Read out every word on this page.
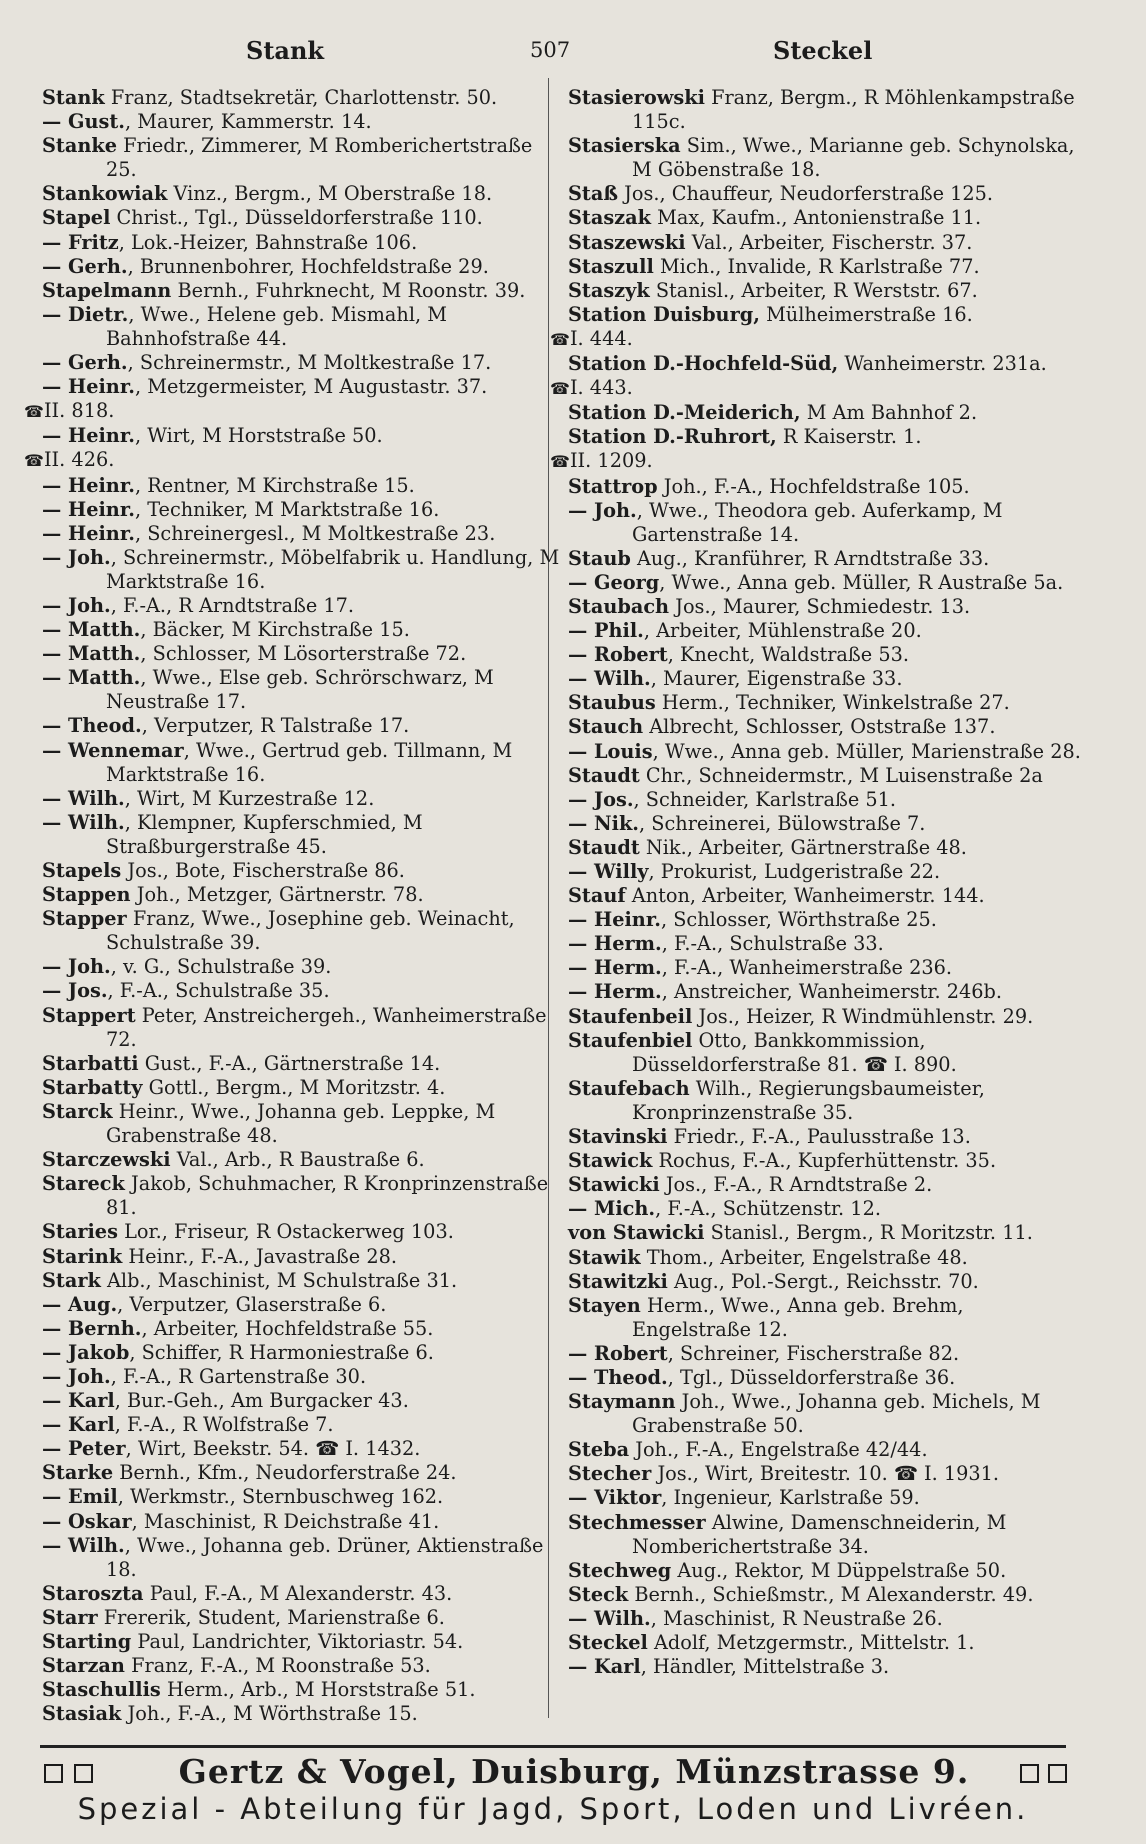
Stank	507	Steckel
Stank Franz, Stadtsekretär, Charlottenstr. 50.
— Gust., Maurer, Kammerstr. 14.
Stanke Friedr., Zimmerer, M Romberichertstraße 25.
Stankowiak Vinz., Bergm., M Oberstraße 18.
Stapel Christ., Tgl., Düsseldorferstraße 110.
— Fritz, Lok.-Heizer, Bahnstraße 106.
— Gerh., Brunnenbohrer, Hochfeldstraße 29.
Stapelmann Bernh., Fuhrknecht, M Roonstr. 39.
— Dietr., Wwe., Helene geb. Mismahl, M Bahnhofstraße 44.
— Gerh., Schreinermstr., M Moltkestraße 17.
— Heinr., Metzgermeister, M Augustastr. 37.
☎ II. 818.
— Heinr., Wirt, M Horststraße 50.
☎ II. 426.
— Heinr., Rentner, M Kirchstraße 15.
— Heinr., Techniker, M Marktstraße 16.
— Heinr., Schreinergesl., M Moltkestraße 23.
— Joh., Schreinermstr., Möbelfabrik u. Handlung, M Marktstraße 16.
— Joh., F.-A., R Arndtstraße 17.
— Matth., Bäcker, M Kirchstraße 15.
— Matth., Schlosser, M Lösorterstraße 72.
— Matth., Wwe., Else geb. Schrörschwarz, M Neustraße 17.
— Theod., Verputzer, R Talstraße 17.
— Wennemar, Wwe., Gertrud geb. Tillmann, M Marktstraße 16.
— Wilh., Wirt, M Kurzestraße 12.
— Wilh., Klempner, Kupferschmied, M Straßburgerstraße 45.
Stapels Jos., Bote, Fischerstraße 86.
Stappen Joh., Metzger, Gärtnerstr. 78.
Stapper Franz, Wwe., Josephine geb. Weinacht, Schulstraße 39.
— Joh., v. G., Schulstraße 39.
— Jos., F.-A., Schulstraße 35.
Stappert Peter, Anstreichergeh., Wanheimerstraße 72.
Starbatti Gust., F.-A., Gärtnerstraße 14.
Starbatty Gottl., Bergm., M Moritzstr. 4.
Starck Heinr., Wwe., Johanna geb. Leppke, M Grabenstraße 48.
Starczewski Val., Arb., R Baustraße 6.
Stareck Jakob, Schuhmacher, R Kronprinzenstraße 81.
Staries Lor., Friseur, R Ostackerweg 103.
Starink Heinr., F.-A., Javastraße 28.
Stark Alb., Maschinist, M Schulstraße 31.
— Aug., Verputzer, Glaserstraße 6.
— Bernh., Arbeiter, Hochfeldstraße 55.
— Jakob, Schiffer, R Harmoniestraße 6.
— Joh., F.-A., R Gartenstraße 30.
— Karl, Bur.-Geh., Am Burgacker 43.
— Karl, F.-A., R Wolfstraße 7.
— Peter, Wirt, Beekstr. 54. ☎ I. 1432.
Starke Bernh., Kfm., Neudorferstraße 24.
— Emil, Werkmstr., Sternbuschweg 162.
— Oskar, Maschinist, R Deichstraße 41.
— Wilh., Wwe., Johanna geb. Drüner, Aktienstraße 18.
Staroszta Paul, F.-A., M Alexanderstr. 43.
Starr Frererik, Student, Marienstraße 6.
Starting Paul, Landrichter, Viktoriastr. 54.
Starzan Franz, F.-A., M Roonstraße 53.
Staschullis Herm., Arb., M Horststraße 51.
Stasiak Joh., F.-A., M Wörthstraße 15.
Stasierowski Franz, Bergm., R Möhlenkampstraße 115c.
Stasierska Sim., Wwe., Marianne geb. Schynolska, M Göbenstraße 18.
Staß Jos., Chauffeur, Neudorferstraße 125.
Staszak Max, Kaufm., Antonienstraße 11.
Staszewski Val., Arbeiter, Fischerstr. 37.
Staszull Mich., Invalide, R Karlstraße 77.
Staszyk Stanisl., Arbeiter, R Werststr. 67.
Station Duisburg, Mülheimerstraße 16.
☎ I. 444.
Station D.-Hochfeld-Süd, Wanheimerstr. 231a.
☎ I. 443.
Station D.-Meiderich, M Am Bahnhof 2.
Station D.-Ruhrort, R Kaiserstr. 1.
☎ II. 1209.
Stattrop Joh., F.-A., Hochfeldstraße 105.
— Joh., Wwe., Theodora geb. Auferkamp, M Gartenstraße 14.
Staub Aug., Kranführer, R Arndtstraße 33.
— Georg, Wwe., Anna geb. Müller, R Austraße 5a.
Staubach Jos., Maurer, Schmiedestr. 13.
— Phil., Arbeiter, Mühlenstraße 20.
— Robert, Knecht, Waldstraße 53.
— Wilh., Maurer, Eigenstraße 33.
Staubus Herm., Techniker, Winkelstraße 27.
Stauch Albrecht, Schlosser, Oststraße 137.
— Louis, Wwe., Anna geb. Müller, Marienstraße 28.
Staudt Chr., Schneidermstr., M Luisenstraße 2a
— Jos., Schneider, Karlstraße 51.
— Nik., Schreinerei, Bülowstraße 7.
Staudt Nik., Arbeiter, Gärtnerstraße 48.
— Willy, Prokurist, Ludgeristraße 22.
Stauf Anton, Arbeiter, Wanheimerstr. 144.
— Heinr., Schlosser, Wörthstraße 25.
— Herm., F.-A., Schulstraße 33.
— Herm., F.-A., Wanheimerstraße 236.
— Herm., Anstreicher, Wanheimerstr. 246b.
Staufenbeil Jos., Heizer, R Windmühlenstr. 29.
Staufenbiel Otto, Bankkommission, Düsseldorferstraße 81. ☎ I. 890.
Staufebach Wilh., Regierungsbaumeister, Kronprinzenstraße 35.
Stavinski Friedr., F.-A., Paulusstraße 13.
Stawick Rochus, F.-A., Kupferhüttenstr. 35.
Stawicki Jos., F.-A., R Arndtstraße 2.
— Mich., F.-A., Schützenstr. 12.
von Stawicki Stanisl., Bergm., R Moritzstr. 11.
Stawik Thom., Arbeiter, Engelstraße 48.
Stawitzki Aug., Pol.-Sergt., Reichsstr. 70.
Stayen Herm., Wwe., Anna geb. Brehm, Engelstraße 12.
— Robert, Schreiner, Fischerstraße 82.
— Theod., Tgl., Düsseldorferstraße 36.
Staymann Joh., Wwe., Johanna geb. Michels, M Grabenstraße 50.
Steba Joh., F.-A., Engelstraße 42/44.
Stecher Jos., Wirt, Breitestr. 10. ☎ I. 1931.
— Viktor, Ingenieur, Karlstraße 59.
Stechmesser Alwine, Damenschneiderin, M Nomberichertstraße 34.
Stechweg Aug., Rektor, M Düppelstraße 50.
Steck Bernh., Schießmstr., M Alexanderstr. 49.
— Wilh., Maschinist, R Neustraße 26.
Steckel Adolf, Metzgermstr., Mittelstr. 1.
— Karl, Händler, Mittelstraße 3.
Gertz & Vogel, Duisburg, Münzstrasse 9.
Spezial - Abteilung für Jagd, Sport, Loden und Livréen.
